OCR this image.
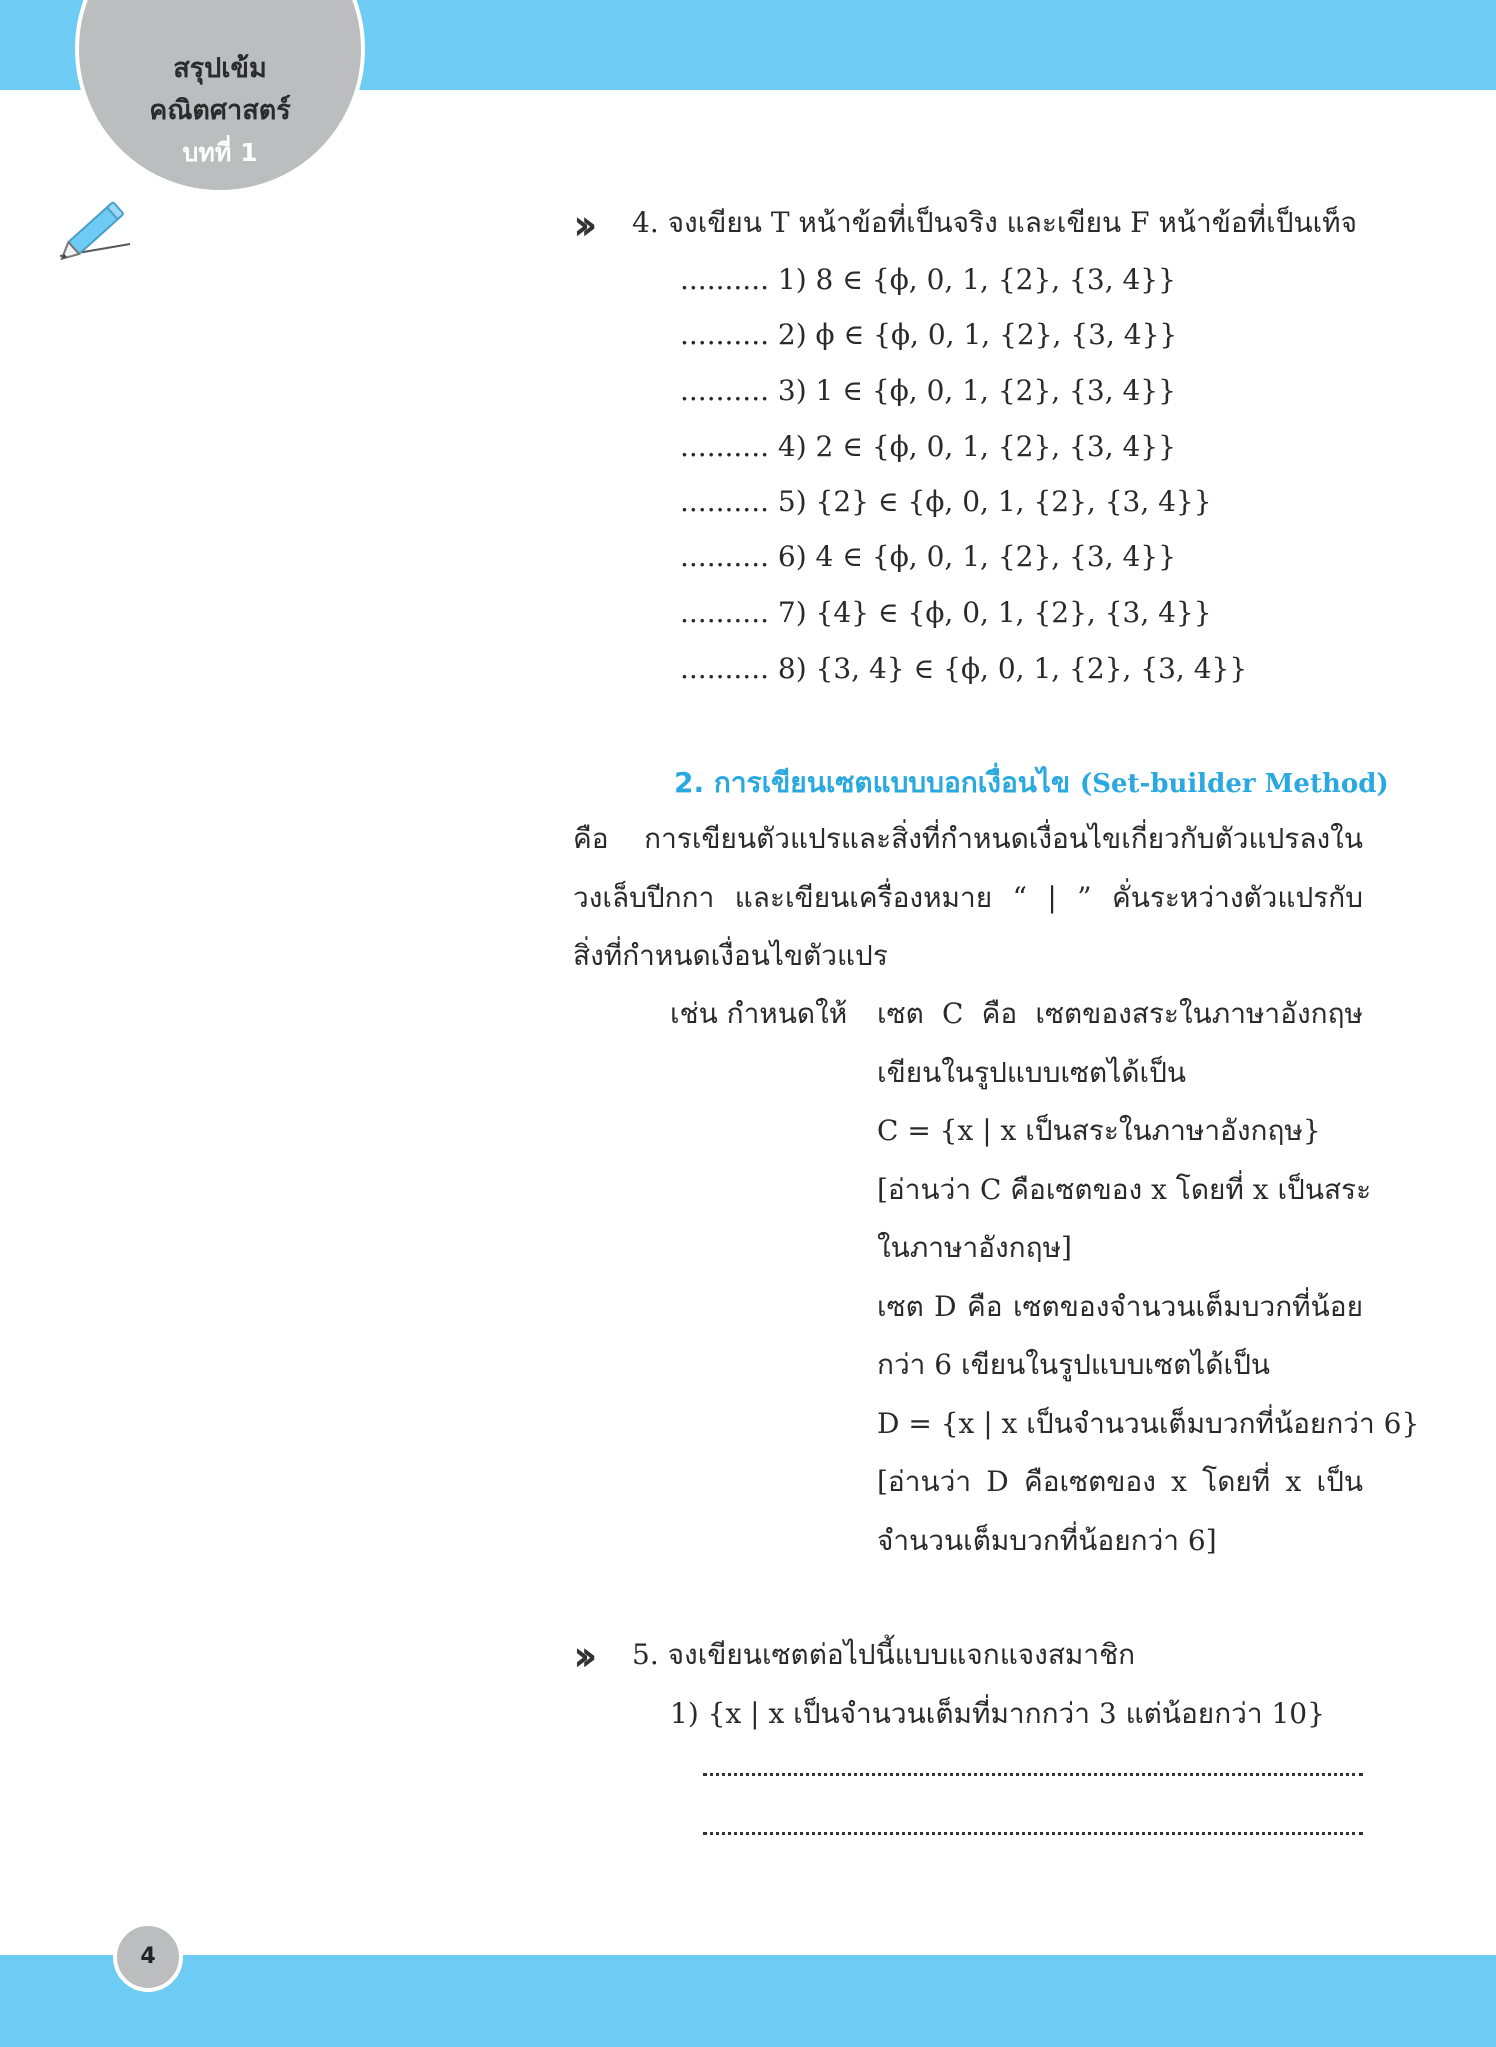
สรุปเข้ม
คณิตศาสตร์
บทที่ 1
›› 4. จงเขียน T หน้าข้อที่เป็นจริง และเขียน F หน้าข้อที่เป็นเท็จ
.......... 1) 8 ∈ {ϕ, 0, 1, {2}, {3, 4}}
.......... 2) ϕ ∈ {ϕ, 0, 1, {2}, {3, 4}}
.......... 3) 1 ∈ {ϕ, 0, 1, {2}, {3, 4}}
.......... 4) 2 ∈ {ϕ, 0, 1, {2}, {3, 4}}
.......... 5) {2} ∈ {ϕ, 0, 1, {2}, {3, 4}}
.......... 6) 4 ∈ {ϕ, 0, 1, {2}, {3, 4}}
.......... 7) {4} ∈ {ϕ, 0, 1, {2}, {3, 4}}
.......... 8) {3, 4} ∈ {ϕ, 0, 1, {2}, {3, 4}}
2. การเขียนเซตแบบบอกเงื่อนไข (Set-builder Method)
คือ การเขียนตัวแปรและสิ่งที่กำหนดเงื่อนไขเกี่ยวกับตัวแปรลงใน
วงเล็บปีกกา และเขียนเครื่องหมาย “ | ” คั่นระหว่างตัวแปรกับ
สิ่งที่กำหนดเงื่อนไขตัวแปร
เช่น กำหนดให้ เซต C คือ เซตของสระในภาษาอังกฤษ
เขียนในรูปแบบเซตได้เป็น
C = {x | x เป็นสระในภาษาอังกฤษ}
[อ่านว่า C คือเซตของ x โดยที่ x เป็นสระ
ในภาษาอังกฤษ]
เซต D คือ เซตของจำนวนเต็มบวกที่น้อย
กว่า 6 เขียนในรูปแบบเซตได้เป็น
D = {x | x เป็นจำนวนเต็มบวกที่น้อยกว่า 6}
[อ่านว่า D คือเซตของ x โดยที่ x เป็น
จำนวนเต็มบวกที่น้อยกว่า 6]
›› 5. จงเขียนเซตต่อไปนี้แบบแจกแจงสมาชิก
1) {x | x เป็นจำนวนเต็มที่มากกว่า 3 แต่น้อยกว่า 10}
4
